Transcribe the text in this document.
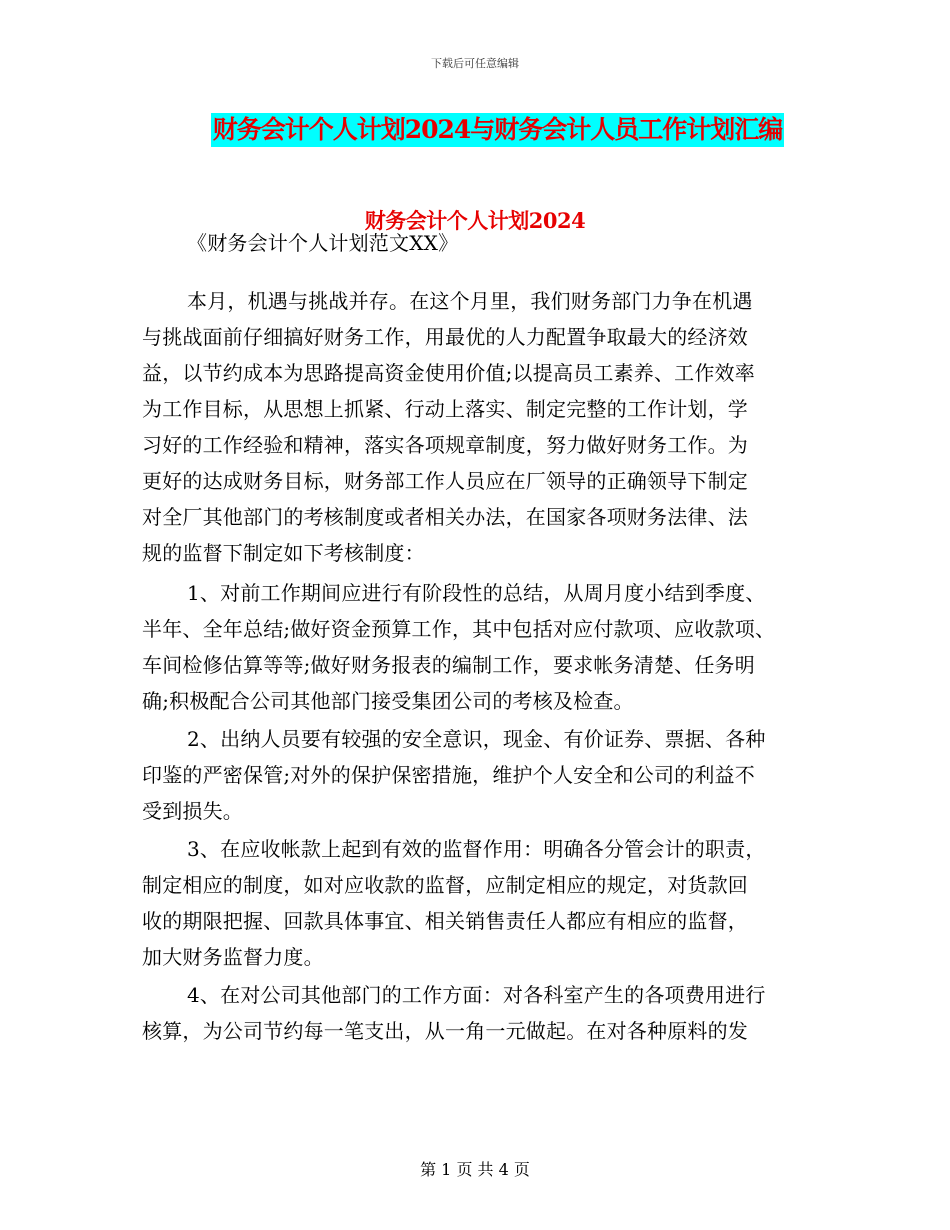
下载后可任意编辑
财务会计个人计划2024与财务会计人员工作计划汇编
财务会计个人计划2024
《财务会计个人计划范文XX》
本月，机遇与挑战并存。在这个月里，我们财务部门力争在机遇
与挑战面前仔细搞好财务工作，用最优的人力配置争取最大的经济效
益，以节约成本为思路提高资金使用价值;以提高员工素养、工作效率
为工作目标，从思想上抓紧、行动上落实、制定完整的工作计划，学
习好的工作经验和精神，落实各项规章制度，努力做好财务工作。为
更好的达成财务目标，财务部工作人员应在厂领导的正确领导下制定
对全厂其他部门的考核制度或者相关办法，在国家各项财务法律、法
规的监督下制定如下考核制度：
1、对前工作期间应进行有阶段性的总结，从周月度小结到季度、
半年、全年总结;做好资金预算工作，其中包括对应付款项、应收款项、
车间检修估算等等;做好财务报表的编制工作，要求帐务清楚、任务明
确;积极配合公司其他部门接受集团公司的考核及检查。
2、出纳人员要有较强的安全意识，现金、有价证券、票据、各种
印鉴的严密保管;对外的保护保密措施，维护个人安全和公司的利益不
受到损失。
3、在应收帐款上起到有效的监督作用：明确各分管会计的职责，
制定相应的制度，如对应收款的监督，应制定相应的规定，对货款回
收的期限把握、回款具体事宜、相关销售责任人都应有相应的监督，
加大财务监督力度。
4、在对公司其他部门的工作方面：对各科室产生的各项费用进行
核算，为公司节约每一笔支出，从一角一元做起。在对各种原料的发
第 1 页 共 4 页
